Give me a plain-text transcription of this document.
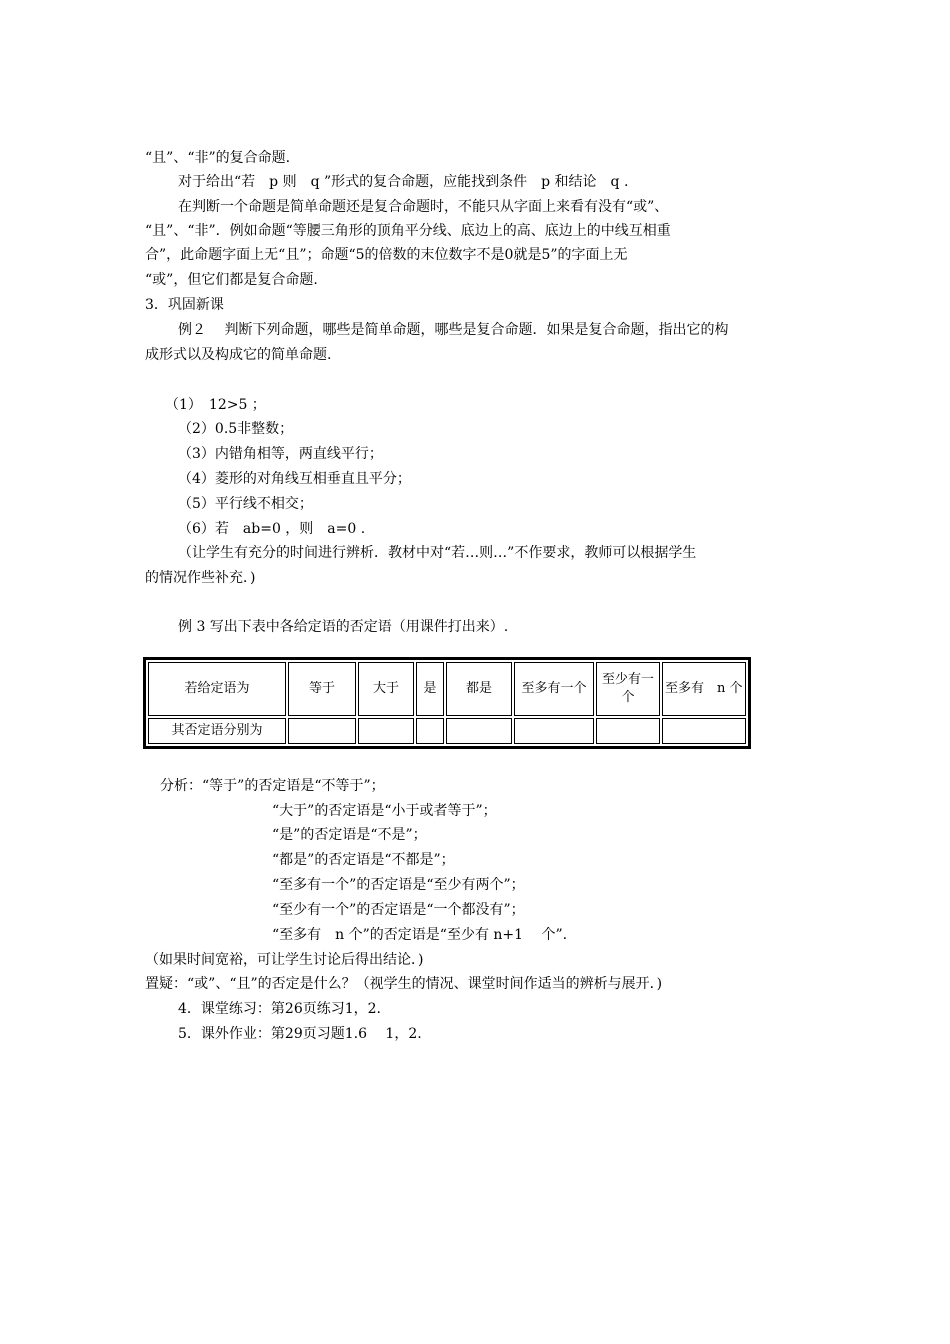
“且”、“非”的复合命题.
对于给出“若　p 则　q ”形式的复合命题，应能找到条件　p 和结论　q .
在判断一个命题是简单命题还是复合命题时，不能只从字面上来看有没有“或”、
“且”、“非”．例如命题“等腰三角形的顶角平分线、底边上的高、底边上的中线互相重
合”，此命题字面上无“且”；命题“5的倍数的末位数字不是0就是5”的字面上无
“或”，但它们都是复合命题.
3．巩固新课
例２　 判断下列命题，哪些是简单命题，哪些是复合命题．如果是复合命题，指出它的构
成形式以及构成它的简单命题.
（1）　12>5 ；
（2）0.5非整数；
（3）内错角相等，两直线平行；
（4）菱形的对角线互相垂直且平分；
（5）平行线不相交；
（6）若　ab=0 ，则　a=0 .
（让学生有充分的时间进行辨析．教材中对“若…则…”不作要求，教师可以根据学生
的情况作些补充．)
例 3 写出下表中各给定语的否定语（用课件打出来）.
若给定语为	等于	大于	是	都是	至多有一个	至少有一个	至多有　n 个
其否定语分别为							
分析：“等于”的否定语是“不等于”；
“大于”的否定语是“小于或者等于”；
“是”的否定语是“不是”；
“都是”的否定语是“不都是”；
“至多有一个”的否定语是“至少有两个”；
“至少有一个”的否定语是“一个都没有”；
“至多有　n 个”的否定语是“至少有 n+1　 个”.
（如果时间宽裕，可让学生讨论后得出结论．)
置疑：“或”、“且”的否定是什么？（视学生的情况、课堂时间作适当的辨析与展开．)
4．课堂练习：第26页练习1，2.
5．课外作业：第29页习题1.6　 1，2.
